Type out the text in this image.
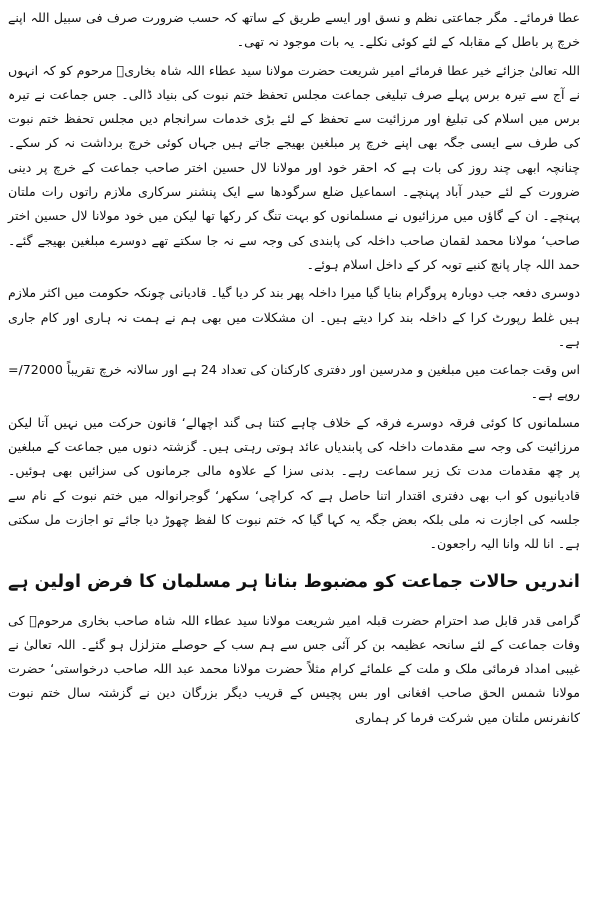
عطا فرمائے۔ مگر جماعتی نظم و نسق اور ایسے طریق کے ساتھ کہ حسب ضرورت صرف فی سبیل اللہ اپنے خرچ پر باطل کے مقابلہ کے لئے کوئی نکلے۔ یہ بات موجود نہ تھی۔

اللہ تعالیٰ جزائے خیر عطا فرمائے امیر شریعت حضرت مولانا سید عطاء اللہ شاہ بخاریؒ مرحوم کو کہ انہوں نے آج سے تیرہ برس پہلے صرف تبلیغی جماعت مجلس تحفظ ختم نبوت کی بنیاد ڈالی۔ جس جماعت نے تیرہ برس میں اسلام کی تبلیغ اور مرزائیت سے تحفظ کے لئے بڑی خدمات سرانجام دیں مجلس تحفظ ختم نبوت کی طرف سے ایسی جگہ بھی اپنے خرچ پر مبلغین بھیجے جاتے ہیں جہاں کوئی خرچ برداشت نہ کر سکے۔ چنانچہ ابھی چند روز کی بات ہے کہ احقر خود اور مولانا لال حسین اختر صاحب جماعت کے خرچ پر دینی ضرورت کے لئے حیدر آباد پہنچے۔ اسماعیل ضلع سرگودھا سے ایک پنشنر سرکاری ملازم راتوں رات ملتان پہنچے۔ ان کے گاؤں میں مرزائیوں نے مسلمانوں کو بہت تنگ کر رکھا تھا لیکن میں خود مولانا لال حسین اختر صاحب‘ مولانا محمد لقمان صاحب داخلہ کی پابندی کی وجہ سے نہ جا سکتے تھے دوسرے مبلغین بھیجے گئے۔ حمد اللہ چار پانچ کنبے توبہ کر کے داخل اسلام ہوئے۔

دوسری دفعہ جب دوبارہ پروگرام بنایا گیا میرا داخلہ پھر بند کر دیا گیا۔ قادیانی چونکہ حکومت میں اکثر ملازم ہیں غلط رپورٹ کرا کے داخلہ بند کرا دیتے ہیں۔ ان مشکلات میں بھی ہم نے ہمت نہ ہاری اور کام جاری ہے۔

اس وقت جماعت میں مبلغین و مدرسین اور دفتری کارکنان کی تعداد 24 ہے اور سالانہ خرچ تقریباً 72000/= روپے ہے۔

مسلمانوں کا کوئی فرقہ دوسرے فرقہ کے خلاف چاہے کتنا ہی گند اچھالے‘ قانون حرکت میں نہیں آتا لیکن مرزائیت کی وجہ سے مقدمات داخلہ کی پابندیاں عائد ہوتی رہتی ہیں۔ گزشتہ دنوں میں جماعت کے مبلغین پر چھ مقدمات مدت تک زیر سماعت رہے۔ بدنی سزا کے علاوہ مالی جرمانوں کی سزائیں بھی ہوئیں۔ قادیانیوں کو اب بھی دفتری اقتدار اتنا حاصل ہے کہ کراچی‘ سکھر‘ گوجرانوالہ میں ختم نبوت کے نام سے جلسہ کی اجازت نہ ملی بلکہ بعض جگہ یہ کہا گیا کہ ختم نبوت کا لفظ چھوڑ دیا جائے تو اجازت مل سکتی ہے۔ انا للہ وانا الیہ راجعون۔

اندریں حالات جماعت کو مضبوط بنانا ہر مسلمان کا فرض اولین ہے

گرامی قدر قابل صد احترام حضرت قبلہ امیر شریعت مولانا سید عطاء اللہ شاہ صاحب بخاری مرحومؒ کی وفات جماعت کے لئے سانحہ عظیمہ بن کر آئی جس سے ہم سب کے حوصلے متزلزل ہو گئے۔ اللہ تعالیٰ نے غیبی امداد فرمائی ملک و ملت کے علمائے کرام مثلاً حضرت مولانا محمد عبد اللہ صاحب درخواستی‘ حضرت مولانا شمس الحق صاحب افغانی اور بس پچیس کے قریب دیگر بزرگان دین نے گزشتہ سال ختم نبوت کانفرنس ملتان میں شرکت فرما کر ہماری
